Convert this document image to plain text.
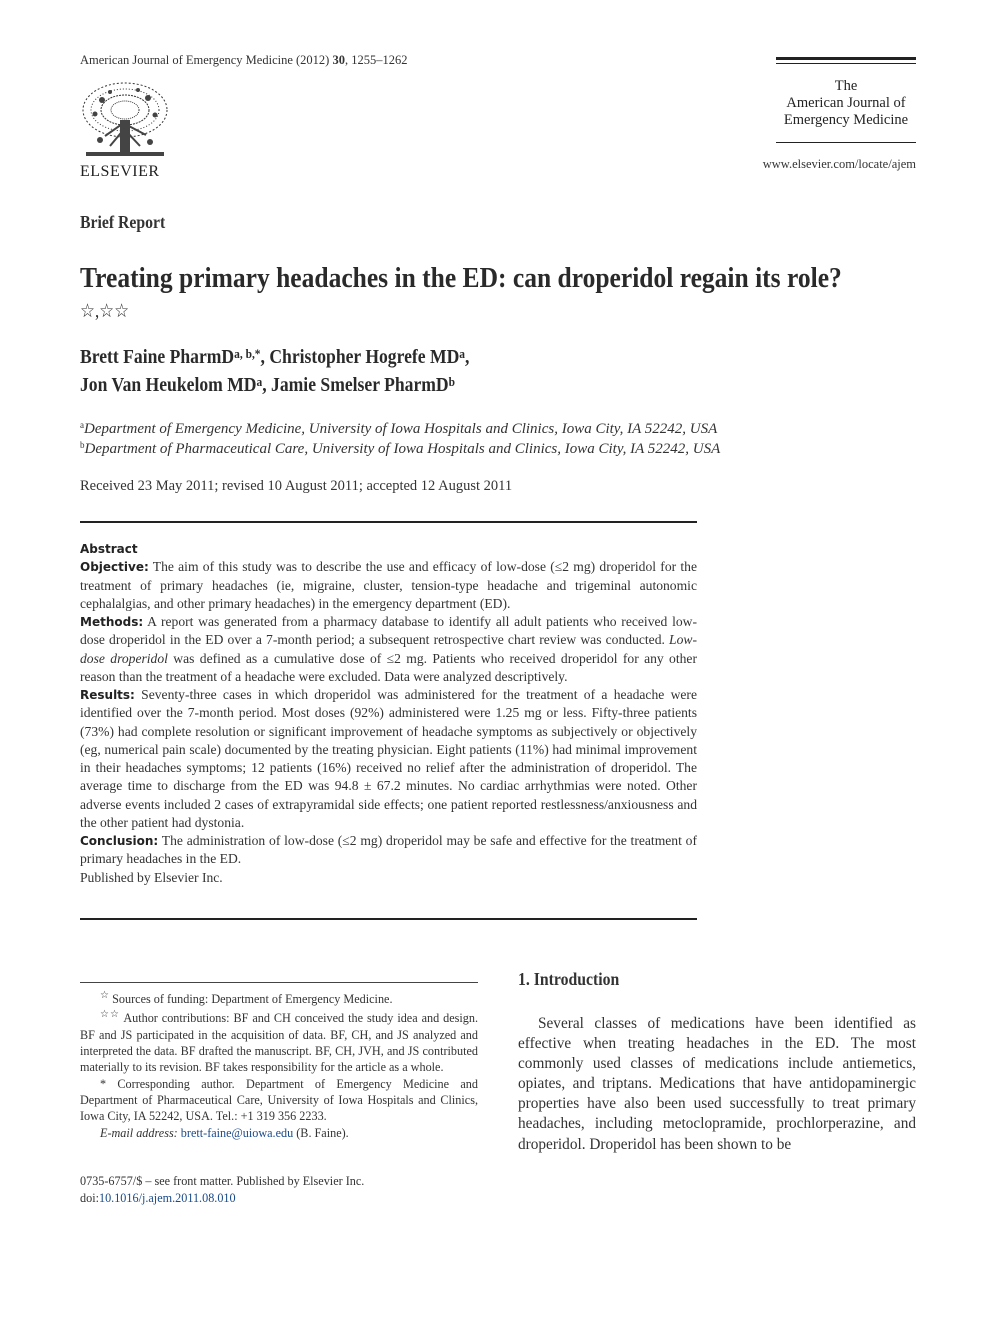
American Journal of Emergency Medicine (2012) 30, 1255–1262
ELSEVIER
The
American Journal of
Emergency Medicine
www.elsevier.com/locate/ajem
Brief Report
Treating primary headaches in the ED: can droperidol regain its role?☆,☆☆
Brett Faine PharmD$^{a, b,*}$, Christopher Hogrefe $MD^a$,
Jon Van Heukelom $MD^a$, Jamie Smelser PharmD$^b$
$^a$Department of Emergency Medicine, University of Iowa Hospitals and Clinics, Iowa City, IA 52242, USA
$^b$Department of Pharmaceutical Care, University of Iowa Hospitals and Clinics, Iowa City, IA 52242, USA
Received 23 May 2011; revised 10 August 2011; accepted 12 August 2011

Abstract

Objective: The aim of this study was to describe the use and efficacy of low-dose (≤2 mg) droperidol for the treatment of primary headaches (ie, migraine, cluster, tension-type headache and trigeminal autonomic cephalalgias, and other primary headaches) in the emergency department (ED).

Methods: A report was generated from a pharmacy database to identify all adult patients who received low-dose droperidol in the ED over a 7-month period; a subsequent retrospective chart review was conducted. Low-dose droperidol was defined as a cumulative dose of ≤2 mg. Patients who received droperidol for any other reason than the treatment of a headache were excluded. Data were analyzed descriptively.

Results: Seventy-three cases in which droperidol was administered for the treatment of a headache were identified over the 7-month period. Most doses (92%) administered were 1.25 mg or less. Fifty-three patients (73%) had complete resolution or significant improvement of headache symptoms as subjectively or objectively (eg, numerical pain scale) documented by the treating physician. Eight patients (11%) had minimal improvement in their headaches symptoms; 12 patients (16%) received no relief after the administration of droperidol. The average time to discharge from the ED was 94.8 ± 67.2 minutes. No cardiac arrhythmias were noted. Other adverse events included 2 cases of extrapyramidal side effects; one patient reported restlessness/anxiousness and the other patient had dystonia.

Conclusion: The administration of low-dose (≤2 mg) droperidol may be safe and effective for the treatment of primary headaches in the ED.

Published by Elsevier Inc.

☆ Sources of funding: Department of Emergency Medicine.

☆☆ Author contributions: BF and CH conceived the study idea and design. BF and JS participated in the acquisition of data. BF, CH, and JS analyzed and interpreted the data. BF drafted the manuscript. BF, CH, JVH, and JS contributed materially to its revision. BF takes responsibility for the article as a whole.

* Corresponding author. Department of Emergency Medicine and Department of Pharmaceutical Care, University of Iowa Hospitals and Clinics, Iowa City, IA 52242, USA. Tel.: +1 319 356 2233.

E-mail address: brett-faine@uiowa.edu (B. Faine).

0735-6757/$ – see front matter. Published by Elsevier Inc.
doi:10.1016/j.ajem.2011.08.010
1. Introduction

Several classes of medications have been identified as effective when treating headaches in the ED. The most commonly used classes of medications include antiemetics, opiates, and triptans. Medications that have antidopaminergic properties have also been used successfully to treat primary headaches, including metoclopramide, prochlorperazine, and droperidol. Droperidol has been shown to be
